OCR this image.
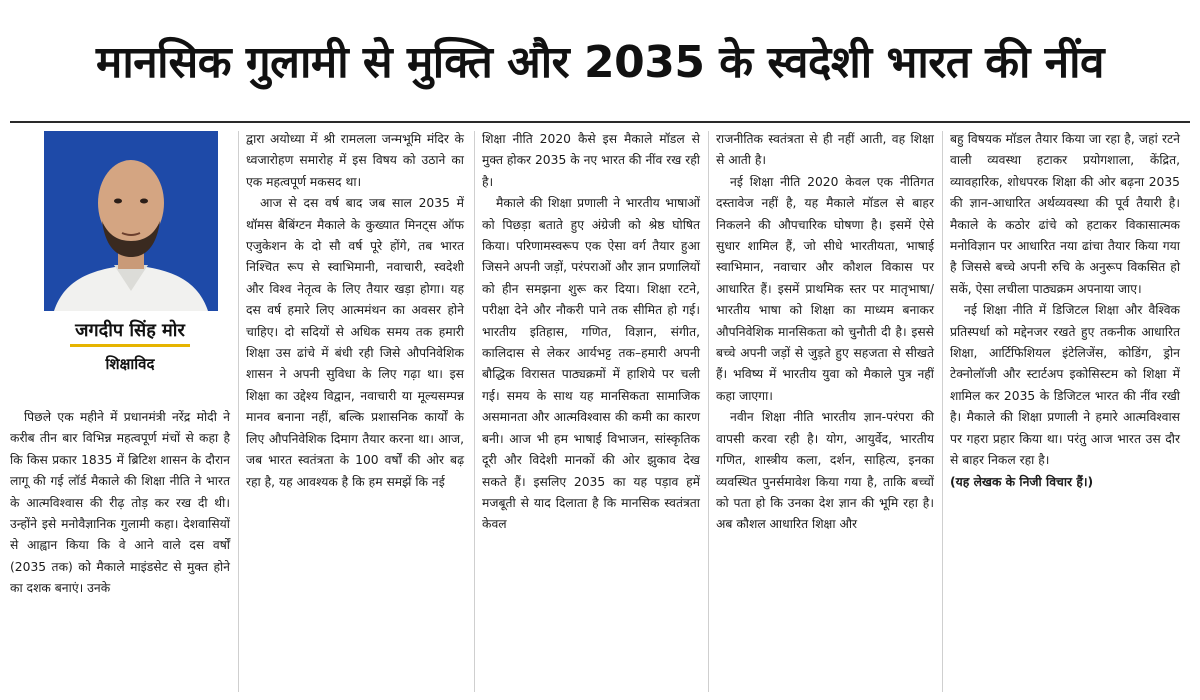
मानसिक गुलामी से मुक्ति और 2035 के स्वदेशी भारत की नींव
जगदीप सिंह मोर
शिक्षाविद

पिछले एक महीने में प्रधानमंत्री नरेंद्र मोदी ने करीब तीन बार विभिन्न महत्वपूर्ण मंचों से कहा है कि किस प्रकार 1835 में ब्रिटिश शासन के दौरान लागू की गई लॉर्ड मैकाले की शिक्षा नीति ने भारत के आत्मविश्वास की रीढ़ तोड़ कर रख दी थी। उन्होंने इसे मनोवैज्ञानिक गुलामी कहा। देशवासियों से आह्वान किया कि वे आने वाले दस वर्षों (2035 तक) को मैकाले माइंडसेट से मुक्त होने का दशक बनाएं। उनके

द्वारा अयोध्या में श्री रामलला जन्मभूमि मंदिर के ध्वजारोहण समारोह में इस विषय को उठाने का एक महत्वपूर्ण मकसद था।

आज से दस वर्ष बाद जब साल 2035 में थॉमस बैबिंग्टन मैकाले के कुख्यात मिनट्स ऑफ एजुकेशन के दो सौ वर्ष पूरे होंगे, तब भारत निश्चित रूप से स्वाभिमानी, नवाचारी, स्वदेशी और विश्व नेतृत्व के लिए तैयार खड़ा होगा। यह दस वर्ष हमारे लिए आत्ममंथन का अवसर होने चाहिए। दो सदियों से अधिक समय तक हमारी शिक्षा उस ढांचे में बंधी रही जिसे औपनिवेशिक शासन ने अपनी सुविधा के लिए गढ़ा था। इस शिक्षा का उद्देश्य विद्वान, नवाचारी या मूल्यसम्पन्न मानव बनाना नहीं, बल्कि प्रशासनिक कार्यों के लिए औपनिवेशिक दिमाग तैयार करना था। आज, जब भारत स्वतंत्रता के 100 वर्षों की ओर बढ़ रहा है, यह आवश्यक है कि हम समझें कि नई

शिक्षा नीति 2020 कैसे इस मैकाले मॉडल से मुक्त होकर 2035 के नए भारत की नींव रख रही है।

मैकाले की शिक्षा प्रणाली ने भारतीय भाषाओं को पिछड़ा बताते हुए अंग्रेजी को श्रेष्ठ घोषित किया। परिणामस्वरूप एक ऐसा वर्ग तैयार हुआ जिसने अपनी जड़ों, परंपराओं और ज्ञान प्रणालियों को हीन समझना शुरू कर दिया। शिक्षा रटने, परीक्षा देने और नौकरी पाने तक सीमित हो गई। भारतीय इतिहास, गणित, विज्ञान, संगीत, कालिदास से लेकर आर्यभट्ट तक–हमारी अपनी बौद्धिक विरासत पाठ्यक्रमों में हाशिये पर चली गई। समय के साथ यह मानसिकता सामाजिक असमानता और आत्मविश्वास की कमी का कारण बनी। आज भी हम भाषाई विभाजन, सांस्कृतिक दूरी और विदेशी मानकों की ओर झुकाव देख सकते हैं। इसलिए 2035 का यह पड़ाव हमें मजबूती से याद दिलाता है कि मानसिक स्वतंत्रता केवल

राजनीतिक स्वतंत्रता से ही नहीं आती, वह शिक्षा से आती है।

नई शिक्षा नीति 2020 केवल एक नीतिगत दस्तावेज नहीं है, यह मैकाले मॉडल से बाहर निकलने की औपचारिक घोषणा है। इसमें ऐसे सुधार शामिल हैं, जो सीधे भारतीयता, भाषाई स्वाभिमान, नवाचार और कौशल विकास पर आधारित हैं। इसमें प्राथमिक स्तर पर मातृभाषा/भारतीय भाषा को शिक्षा का माध्यम बनाकर औपनिवेशिक मानसिकता को चुनौती दी है। इससे बच्चे अपनी जड़ों से जुड़ते हुए सहजता से सीखते हैं। भविष्य में भारतीय युवा को मैकाले पुत्र नहीं कहा जाएगा।

नवीन शिक्षा नीति भारतीय ज्ञान-परंपरा की वापसी करवा रही है। योग, आयुर्वेद, भारतीय गणित, शास्त्रीय कला, दर्शन, साहित्य, इनका व्यवस्थित पुनर्समावेश किया गया है, ताकि बच्चों को पता हो कि उनका देश ज्ञान की भूमि रहा है। अब कौशल आधारित शिक्षा और

बहु विषयक मॉडल तैयार किया जा रहा है, जहां रटने वाली व्यवस्था हटाकर प्रयोगशाला, केंद्रित, व्यावहारिक, शोधपरक शिक्षा की ओर बढ़ना 2035 की ज्ञान-आधारित अर्थव्यवस्था की पूर्व तैयारी है। मैकाले के कठोर ढांचे को हटाकर विकासात्मक मनोविज्ञान पर आधारित नया ढांचा तैयार किया गया है जिससे बच्चे अपनी रुचि के अनुरूप विकसित हो सकें, ऐसा लचीला पाठ्यक्रम अपनाया जाए।

नई शिक्षा नीति में डिजिटल शिक्षा और वैश्विक प्रतिस्पर्धा को मद्देनजर रखते हुए तकनीक आधारित शिक्षा, आर्टिफिशियल इंटेलिजेंस, कोडिंग, ड्रोन टेक्नोलॉजी और स्टार्टअप इकोसिस्टम को शिक्षा में शामिल कर 2035 के डिजिटल भारत की नींव रखी है। मैकाले की शिक्षा प्रणाली ने हमारे आत्मविश्वास पर गहरा प्रहार किया था। परंतु आज भारत उस दौर से बाहर निकल रहा है।

(यह लेखक के निजी विचार हैं।)
